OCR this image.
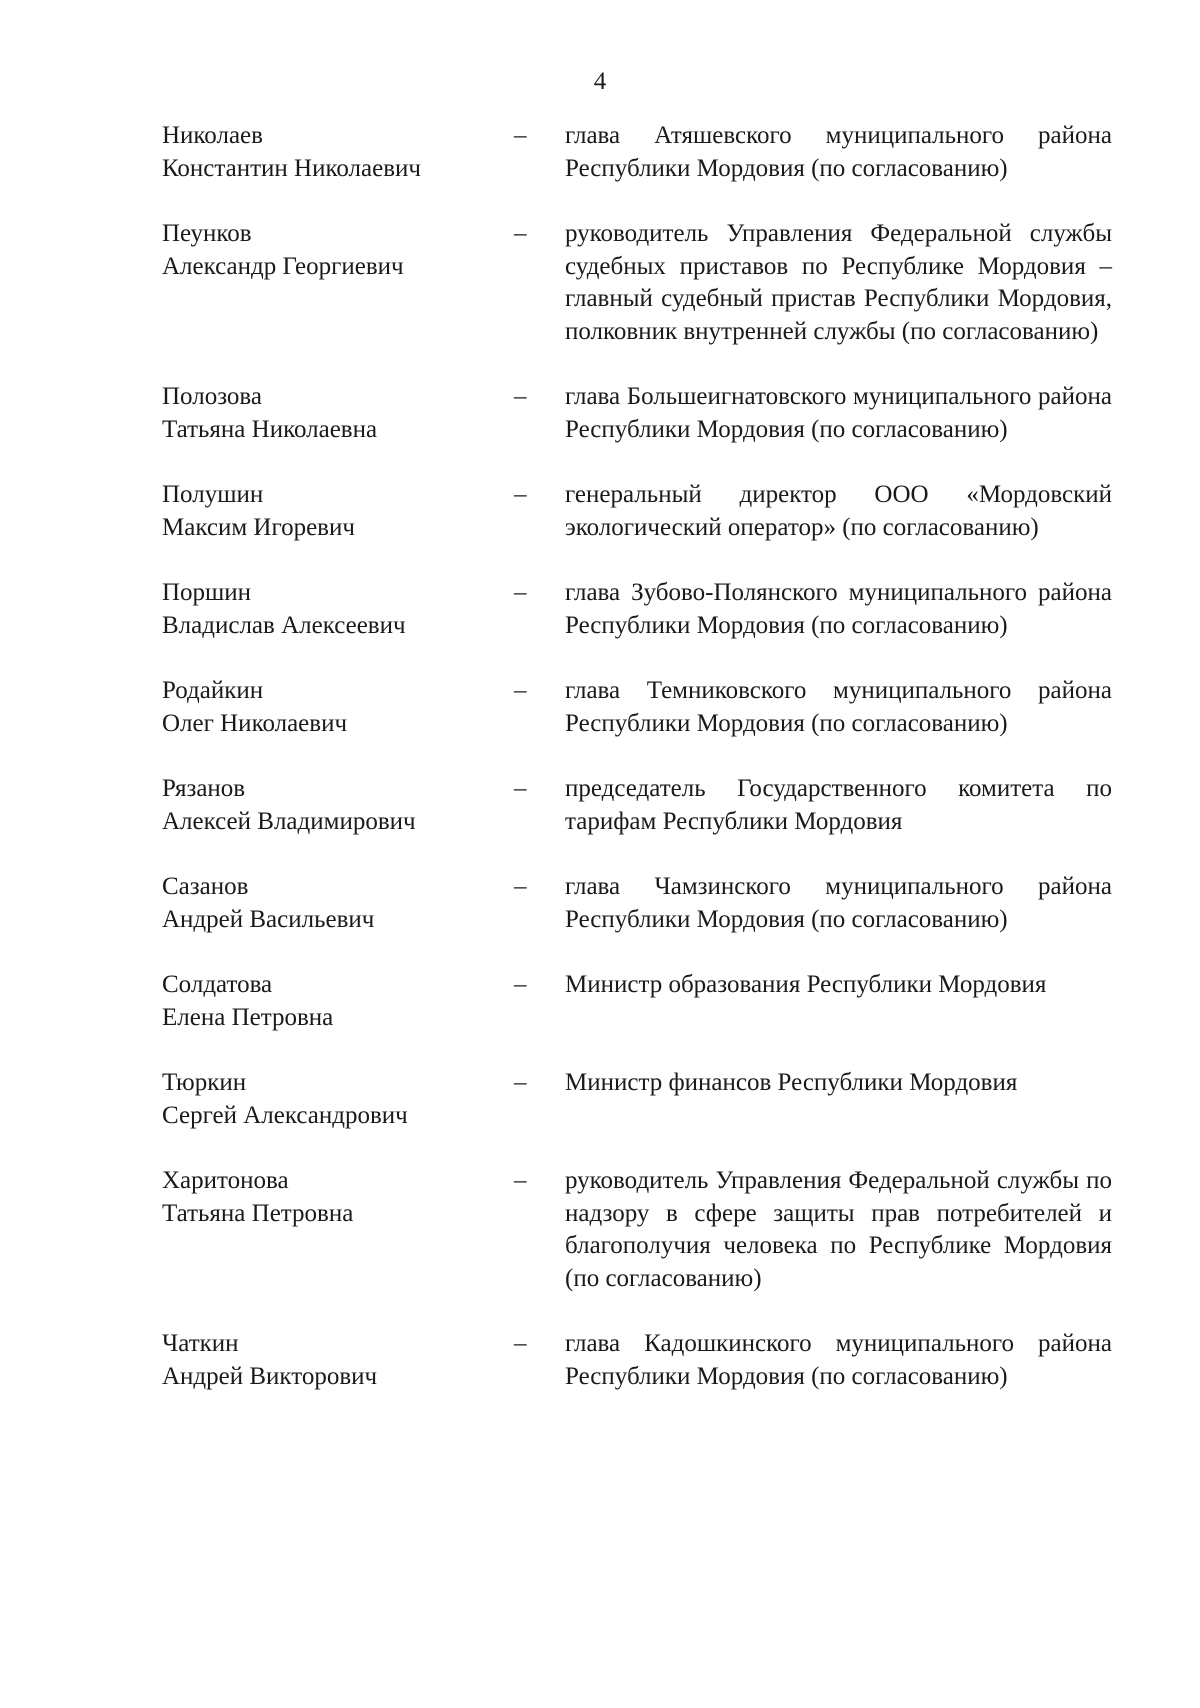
4
Николаев
Константин Николаевич
–	глава Атяшевского муниципального района Республики Мордовия (по согласованию)
Пеунков
Александр Георгиевич
–	руководитель Управления Федеральной службы судебных приставов по Республике Мордовия – главный судебный пристав Республики Мордовия, полковник внутренней службы (по согласованию)
Полозова
Татьяна Николаевна
–	глава Большеигнатовского муниципального района Республики Мордовия (по согласованию)
Полушин
Максим Игоревич
–	генеральный директор ООО «Мордовский экологический оператор» (по согласованию)
Поршин
Владислав Алексеевич
–	глава Зубово-Полянского муниципального района Республики Мордовия (по согласованию)
Родайкин
Олег Николаевич
–	глава Темниковского муниципального района Республики Мордовия (по согласованию)
Рязанов
Алексей Владимирович
–	председатель Государственного комитета по тарифам Республики Мордовия
Сазанов
Андрей Васильевич
–	глава Чамзинского муниципального района Республики Мордовия (по согласованию)
Солдатова
Елена Петровна
–	Министр образования Республики Мордовия
Тюркин
Сергей Александрович
–	Министр финансов Республики Мордовия
Харитонова
Татьяна Петровна
–	руководитель Управления Федеральной службы по надзору в сфере защиты прав потребителей и благополучия человека по Республике Мордовия (по согласованию)
Чаткин
Андрей Викторович
–	глава Кадошкинского муниципального района Республики Мордовия (по согласованию)
